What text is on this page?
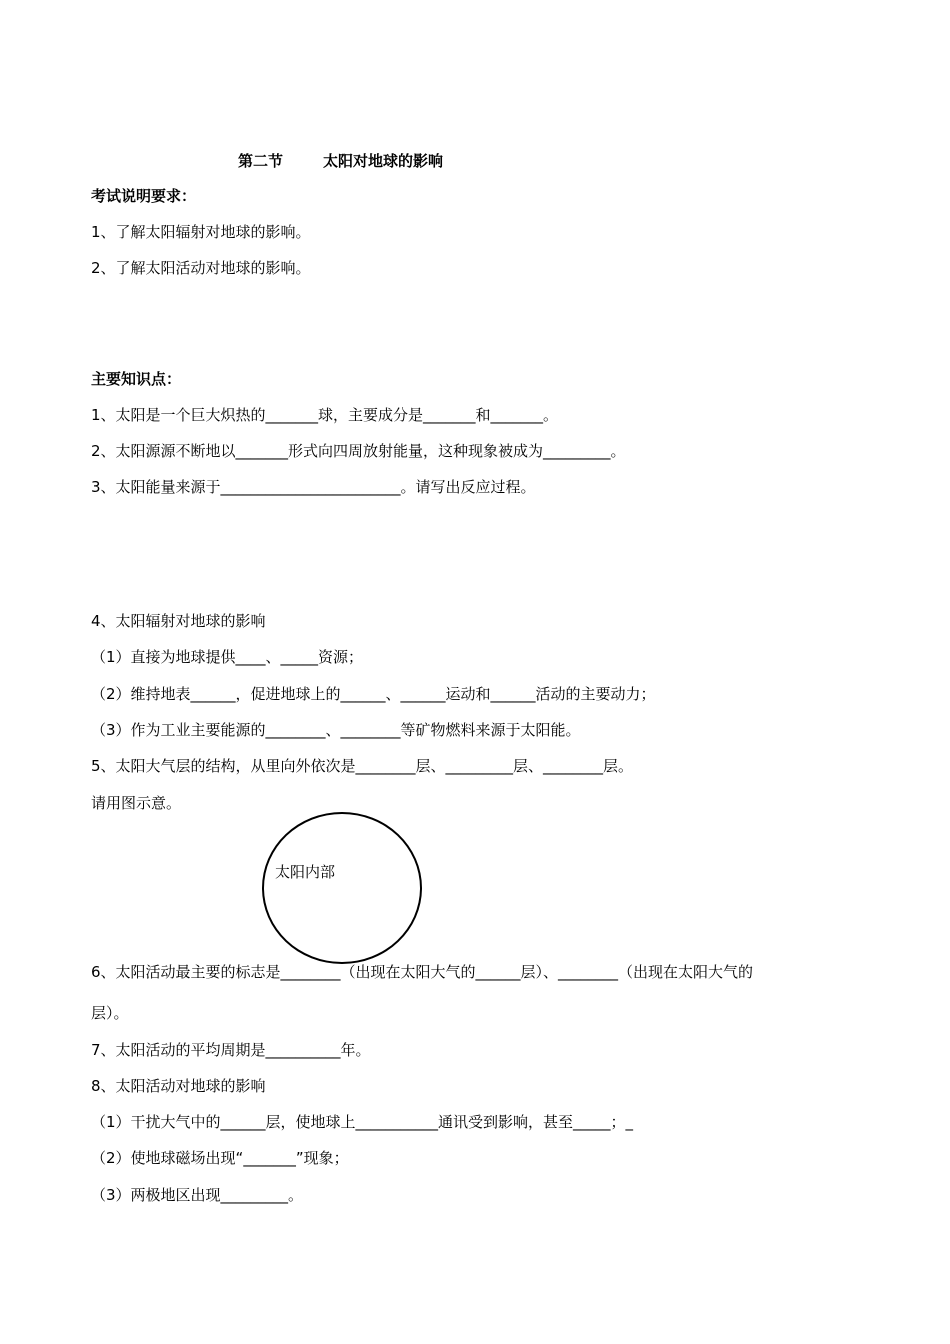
第二节	太阳对地球的影响
考试说明要求：
1、了解太阳辐射对地球的影响。
2、了解太阳活动对地球的影响。
主要知识点：
1、太阳是一个巨大炽热的_______球，主要成分是_______和_______。
2、太阳源源不断地以_______形式向四周放射能量，这种现象被成为_________。
3、太阳能量来源于________________________。请写出反应过程。
4、太阳辐射对地球的影响
（1）直接为地球提供____、_____资源；
（2）维持地表______，促进地球上的______、______运动和______活动的主要动力；
（3）作为工业主要能源的________、________等矿物燃料来源于太阳能。
5、太阳大气层的结构，从里向外依次是________层、_________层、________层。
请用图示意。
太阳内部
6、太阳活动最主要的标志是________（出现在太阳大气的______层）、________（出现在太阳大气的
层）。
7、太阳活动的平均周期是__________年。
8、太阳活动对地球的影响
（1）干扰大气中的______层，使地球上___________通讯受到影响，甚至_____；_
（2）使地球磁场出现“_______”现象；
（3）两极地区出现_________。
